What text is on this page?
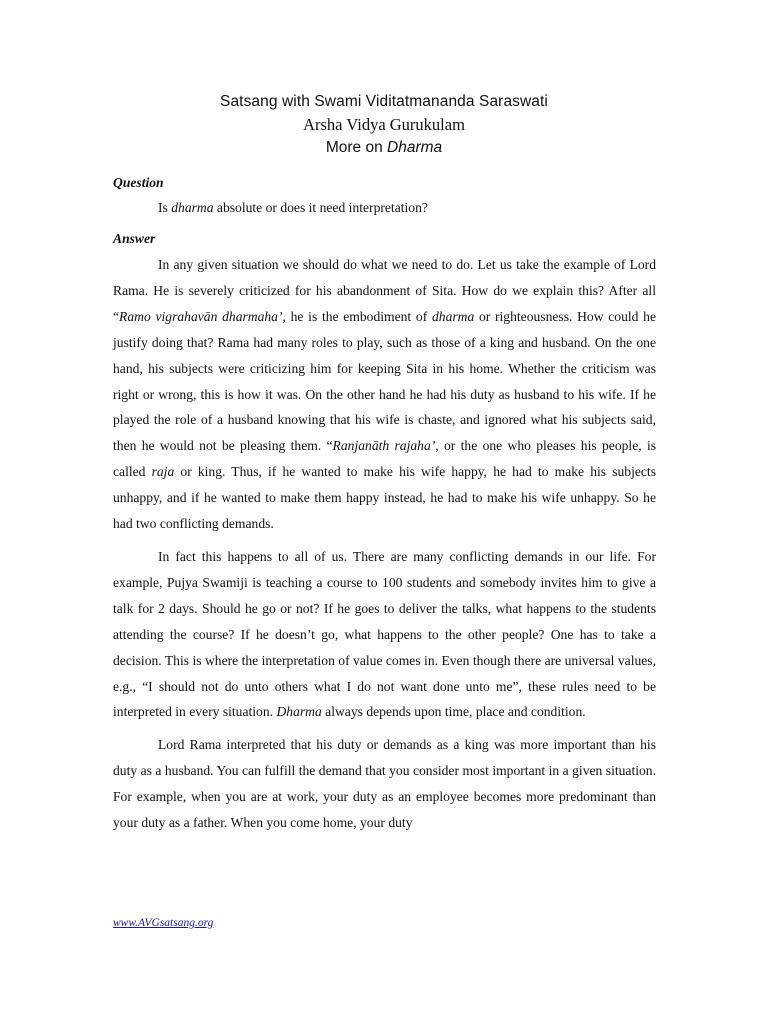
Satsang with Swami Viditatmananda Saraswati
Arsha Vidya Gurukulam
More on Dharma

Question

Is dharma absolute or does it need interpretation?

Answer

In any given situation we should do what we need to do. Let us take the example of Lord Rama. He is severely criticized for his abandonment of Sita. How do we explain this? After all “Ramo vigrahavān dharmaha’, he is the embodiment of dharma or righteousness. How could he justify doing that? Rama had many roles to play, such as those of a king and husband. On the one hand, his subjects were criticizing him for keeping Sita in his home. Whether the criticism was right or wrong, this is how it was. On the other hand he had his duty as husband to his wife. If he played the role of a husband knowing that his wife is chaste, and ignored what his subjects said, then he would not be pleasing them. “Ranjanāth rajaha’, or the one who pleases his people, is called raja or king. Thus, if he wanted to make his wife happy, he had to make his subjects unhappy, and if he wanted to make them happy instead, he had to make his wife unhappy. So he had two conflicting demands.

In fact this happens to all of us. There are many conflicting demands in our life. For example, Pujya Swamiji is teaching a course to 100 students and somebody invites him to give a talk for 2 days. Should he go or not? If he goes to deliver the talks, what happens to the students attending the course? If he doesn’t go, what happens to the other people? One has to take a decision. This is where the interpretation of value comes in. Even though there are universal values, e.g., “I should not do unto others what I do not want done unto me”, these rules need to be interpreted in every situation. Dharma always depends upon time, place and condition.

Lord Rama interpreted that his duty or demands as a king was more important than his duty as a husband. You can fulfill the demand that you consider most important in a given situation. For example, when you are at work, your duty as an employee becomes more predominant than your duty as a father. When you come home, your duty

www.AVGsatsang.org
